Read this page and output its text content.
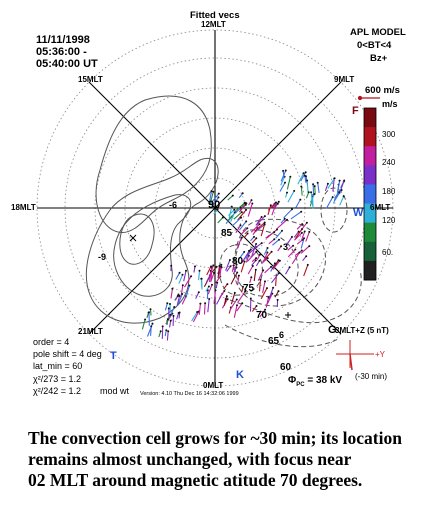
11/11/1998
05:36:00 -
05:40:00 UT
Fitted vecs
APL MODEL
0<BT<4
Bz+
12MLT
15MLT	9MLT
18MLT	6MLT
21MLT	3MLT+Z (5 nT)
0MLT
90
85
80
75
70
65
60
-6
-9
3
6
F
W
G
T
K
600 m/s
m/s
300
240
180
120
60.
order = 4
pole shift = 4 deg
lat_min = 60
χ²/273 = 1.2
χ²/242 = 1.2 mod wt
$\Phi_{PC} = 38$ kV
+Y
(-30 min)
Version: 4.10 Thu Dec 16 14:32:06 1999
The convection cell grows for ~30 min; its location
remains almost unchanged, with focus near
02 MLT around magnetic atitude 70 degrees.
